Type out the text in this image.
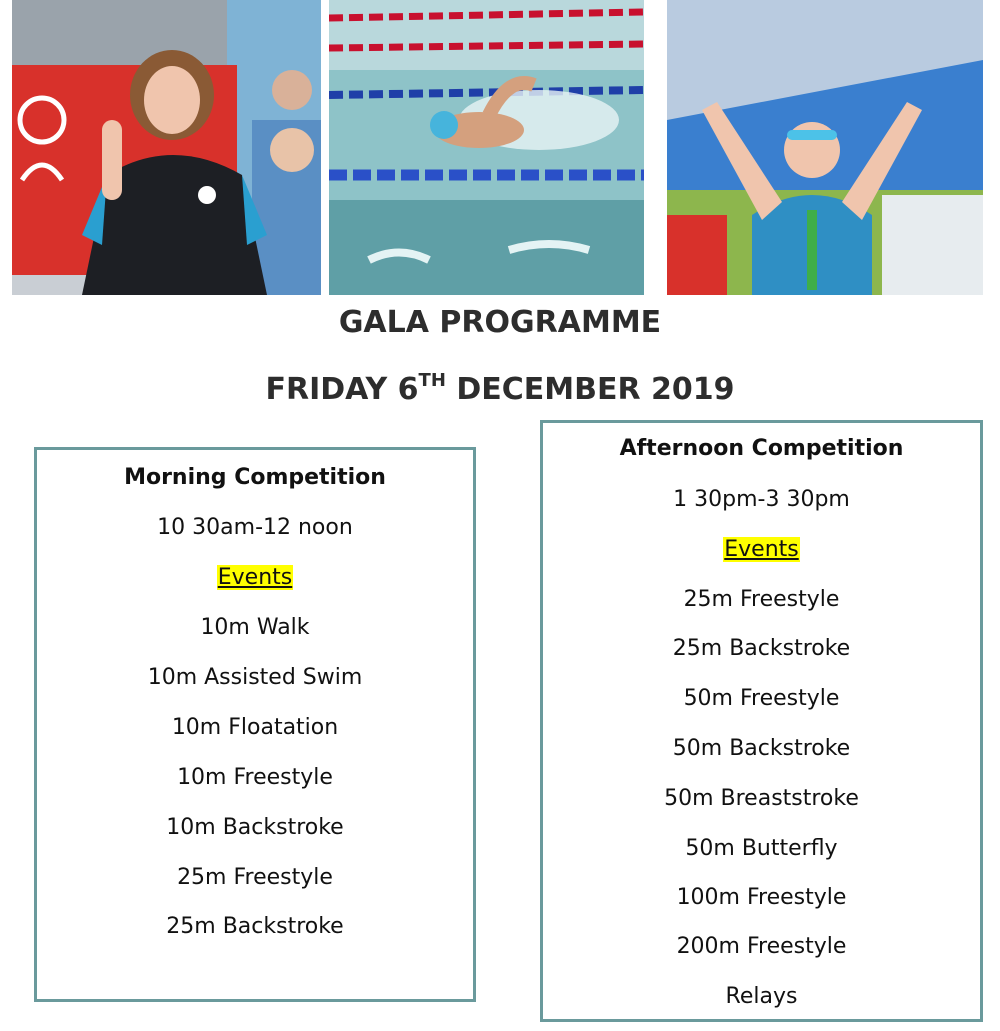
GALA PROGRAMME
FRIDAY 6TH DECEMBER 2019
Morning Competition
10 30am-12 noon
Events
10m Walk
10m Assisted Swim
10m Floatation
10m Freestyle
10m Backstroke
25m Freestyle
25m Backstroke
Afternoon Competition
1 30pm-3 30pm
Events
25m Freestyle
25m Backstroke
50m Freestyle
50m Backstroke
50m Breaststroke
50m Butterfly
100m Freestyle
200m Freestyle
Relays
